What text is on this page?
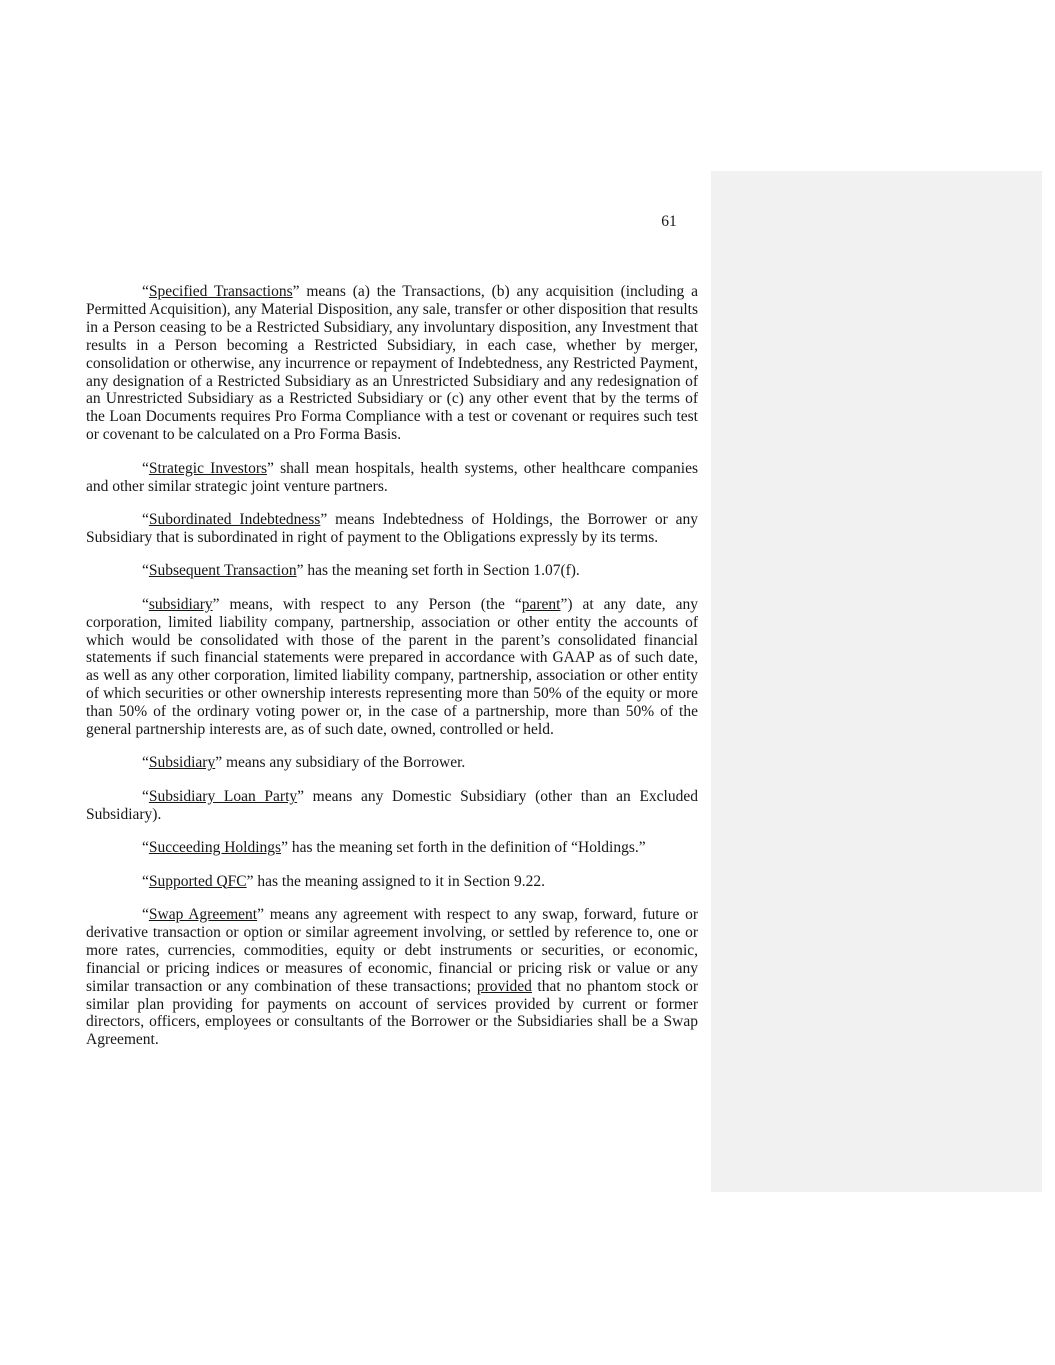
61

“Specified Transactions” means (a) the Transactions, (b) any acquisition (including a Permitted Acquisition), any Material Disposition, any sale, transfer or other disposition that results in a Person ceasing to be a Restricted Subsidiary, any involuntary disposition, any Investment that results in a Person becoming a Restricted Subsidiary, in each case, whether by merger, consolidation or otherwise, any incurrence or repayment of Indebtedness, any Restricted Payment, any designation of a Restricted Subsidiary as an Unrestricted Subsidiary and any redesignation of an Unrestricted Subsidiary as a Restricted Subsidiary or (c) any other event that by the terms of the Loan Documents requires Pro Forma Compliance with a test or covenant or requires such test or covenant to be calculated on a Pro Forma Basis.

“Strategic Investors” shall mean hospitals, health systems, other healthcare companies and other similar strategic joint venture partners.

“Subordinated Indebtedness” means Indebtedness of Holdings, the Borrower or any Subsidiary that is subordinated in right of payment to the Obligations expressly by its terms.

“Subsequent Transaction” has the meaning set forth in Section 1.07(f).

“subsidiary” means, with respect to any Person (the “parent”) at any date, any corporation, limited liability company, partnership, association or other entity the accounts of which would be consolidated with those of the parent in the parent’s consolidated financial statements if such financial statements were prepared in accordance with GAAP as of such date, as well as any other corporation, limited liability company, partnership, association or other entity of which securities or other ownership interests representing more than 50% of the equity or more than 50% of the ordinary voting power or, in the case of a partnership, more than 50% of the general partnership interests are, as of such date, owned, controlled or held.

“Subsidiary” means any subsidiary of the Borrower.

“Subsidiary Loan Party” means any Domestic Subsidiary (other than an Excluded Subsidiary).

“Succeeding Holdings” has the meaning set forth in the definition of “Holdings.”

“Supported QFC” has the meaning assigned to it in Section 9.22.

“Swap Agreement” means any agreement with respect to any swap, forward, future or derivative transaction or option or similar agreement involving, or settled by reference to, one or more rates, currencies, commodities, equity or debt instruments or securities, or economic, financial or pricing indices or measures of economic, financial or pricing risk or value or any similar transaction or any combination of these transactions; provided that no phantom stock or similar plan providing for payments on account of services provided by current or former directors, officers, employees or consultants of the Borrower or the Subsidiaries shall be a Swap Agreement.
